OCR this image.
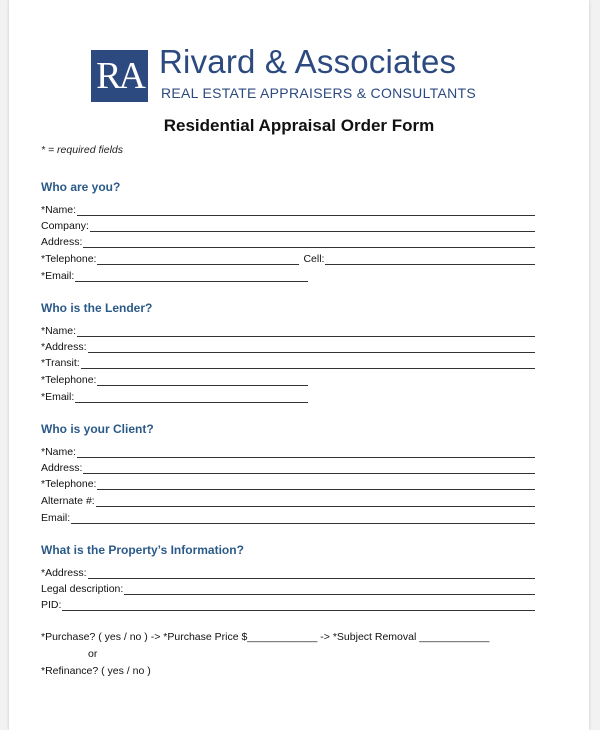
RA Rivard & Associates
REAL ESTATE APPRAISERS & CONSULTANTS
Residential Appraisal Order Form
* = required fields
Who are you?
*Name:
Company:
Address:
*Telephone:	Cell:
*Email:
Who is the Lender?
*Name:
*Address:
*Transit:
*Telephone:
*Email:
Who is your Client?
*Name:
Address:
*Telephone:
Alternate #:
Email:
What is the Property’s Information?
*Address:
Legal description:
PID:
*Purchase? ( yes / no ) -> *Purchase Price $____________ -> *Subject Removal ____________
or
*Refinance? ( yes / no )
